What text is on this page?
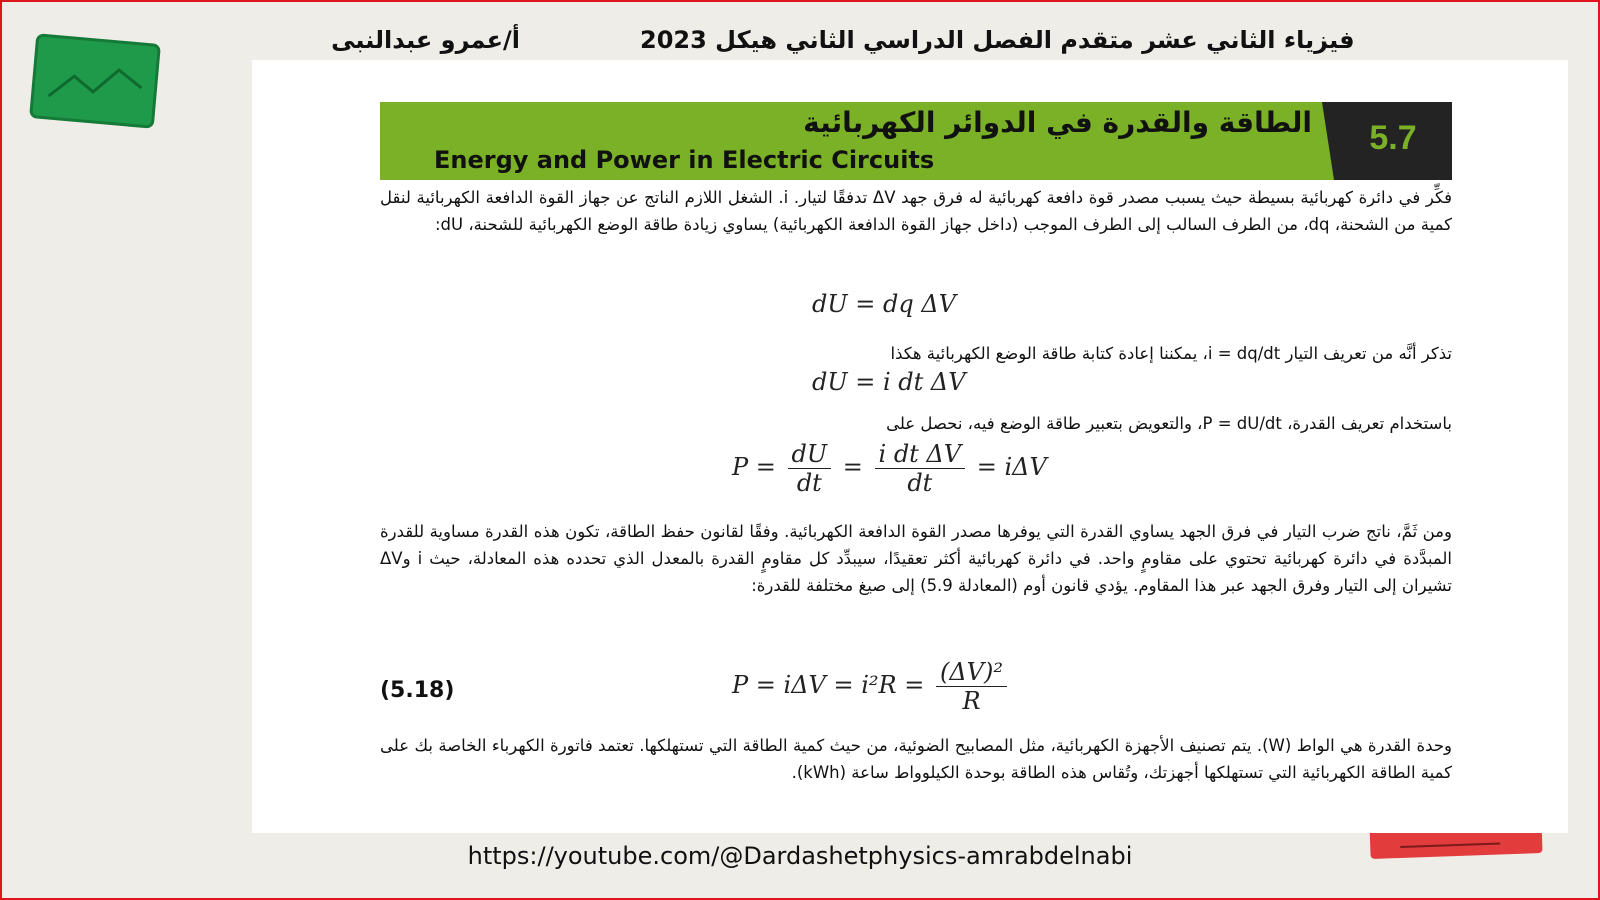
فيزياء الثاني عشر متقدم الفصل الدراسي الثاني هيكل 2023
أ/عمرو عبدالنبى
5.7
الطاقة والقدرة في الدوائر الكهربائية
Energy and Power in Electric Circuits
فكِّر في دائرة كهربائية بسيطة حيث يسبب مصدر قوة دافعة كهربائية له فرق جهد ΔV تدفقًا لتيار. i. الشغل اللازم الناتج عن جهاز القوة الدافعة الكهربائية لنقل كمية من الشحنة، dq، من الطرف السالب إلى الطرف الموجب (داخل جهاز القوة الدافعة الكهربائية) يساوي زيادة طاقة الوضع الكهربائية للشحنة، dU:
dU = dq ΔV
تذكر أنَّه من تعريف التيار i = dq/dt، يمكننا إعادة كتابة طاقة الوضع الكهربائية هكذا
dU = i dt ΔV
باستخدام تعريف القدرة، P = dU/dt، والتعويض بتعبير طاقة الوضع فيه، نحصل على
$P = \frac{dU}{dt} = \frac{\text{i dt ΔV}}{dt} = i\Delta V$
ومن ثَمَّ، ناتج ضرب التيار في فرق الجهد يساوي القدرة التي يوفرها مصدر القوة الدافعة الكهربائية. وفقًا لقانون حفظ الطاقة، تكون هذه القدرة مساوية للقدرة المبدَّدة في دائرة كهربائية تحتوي على مقاومٍ واحد. في دائرة كهربائية أكثر تعقيدًا، سيبدِّد كل مقاومٍ القدرة بالمعدل الذي تحدده هذه المعادلة، حيث i وΔV تشيران إلى التيار وفرق الجهد عبر هذا المقاوم. يؤدي قانون أوم (المعادلة 5.9) إلى صيغ مختلفة للقدرة:
(5.18)	$P = i\Delta V = i^2R = \frac{\text{(ΔV)²}}{R}$
وحدة القدرة هي الواط (W). يتم تصنيف الأجهزة الكهربائية، مثل المصابيح الضوئية، من حيث كمية الطاقة التي تستهلكها. تعتمد فاتورة الكهرباء الخاصة بك على كمية الطاقة الكهربائية التي تستهلكها أجهزتك، وتُقاس هذه الطاقة بوحدة الكيلوواط ساعة (kWh).
https://youtube.com/@Dardashetphysics-amrabdelnabi
